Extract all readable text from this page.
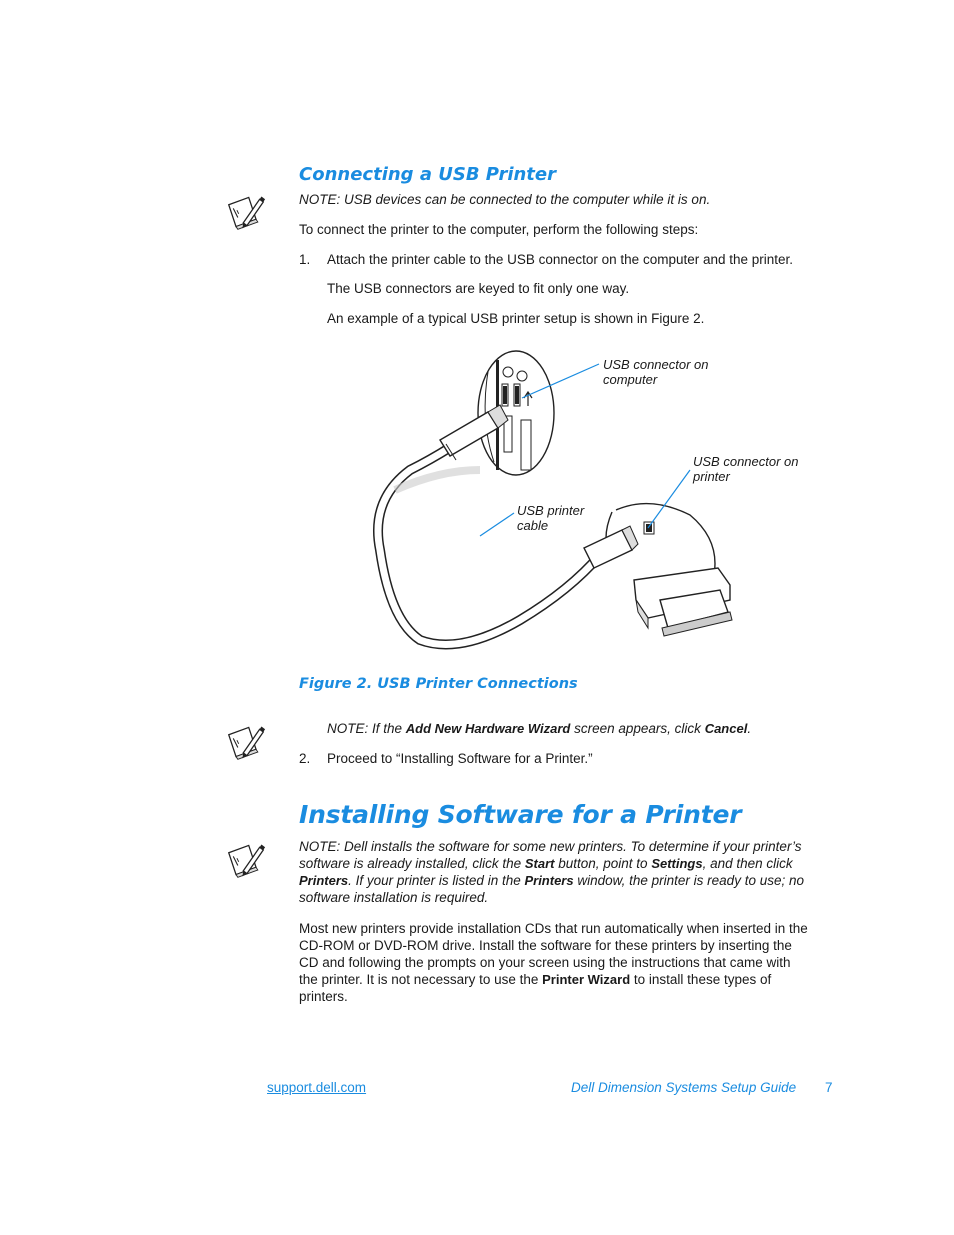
Connecting a USB Printer
NOTE: USB devices can be connected to the computer while it is on.
To connect the printer to the computer, perform the following steps:
1. Attach the printer cable to the USB connector on the computer and the printer.
The USB connectors are keyed to fit only one way.
An example of a typical USB printer setup is shown in Figure 2.
USB connector on
computer
USB connector on
printer
USB printer
cable
Figure 2. USB Printer Connections
NOTE: If the Add New Hardware Wizard screen appears, click Cancel.
2. Proceed to “Installing Software for a Printer.”
Installing Software for a Printer
NOTE: Dell installs the software for some new printers. To determine if your printer’s
software is already installed, click the Start button, point to Settings, and then click
Printers. If your printer is listed in the Printers window, the printer is ready to use; no
software installation is required.
Most new printers provide installation CDs that run automatically when inserted in the
CD-ROM or DVD-ROM drive. Install the software for these printers by inserting the
CD and following the prompts on your screen using the instructions that came with
the printer. It is not necessary to use the Printer Wizard to install these types of
printers.
support.dell.com	Dell Dimension Systems Setup Guide 7
